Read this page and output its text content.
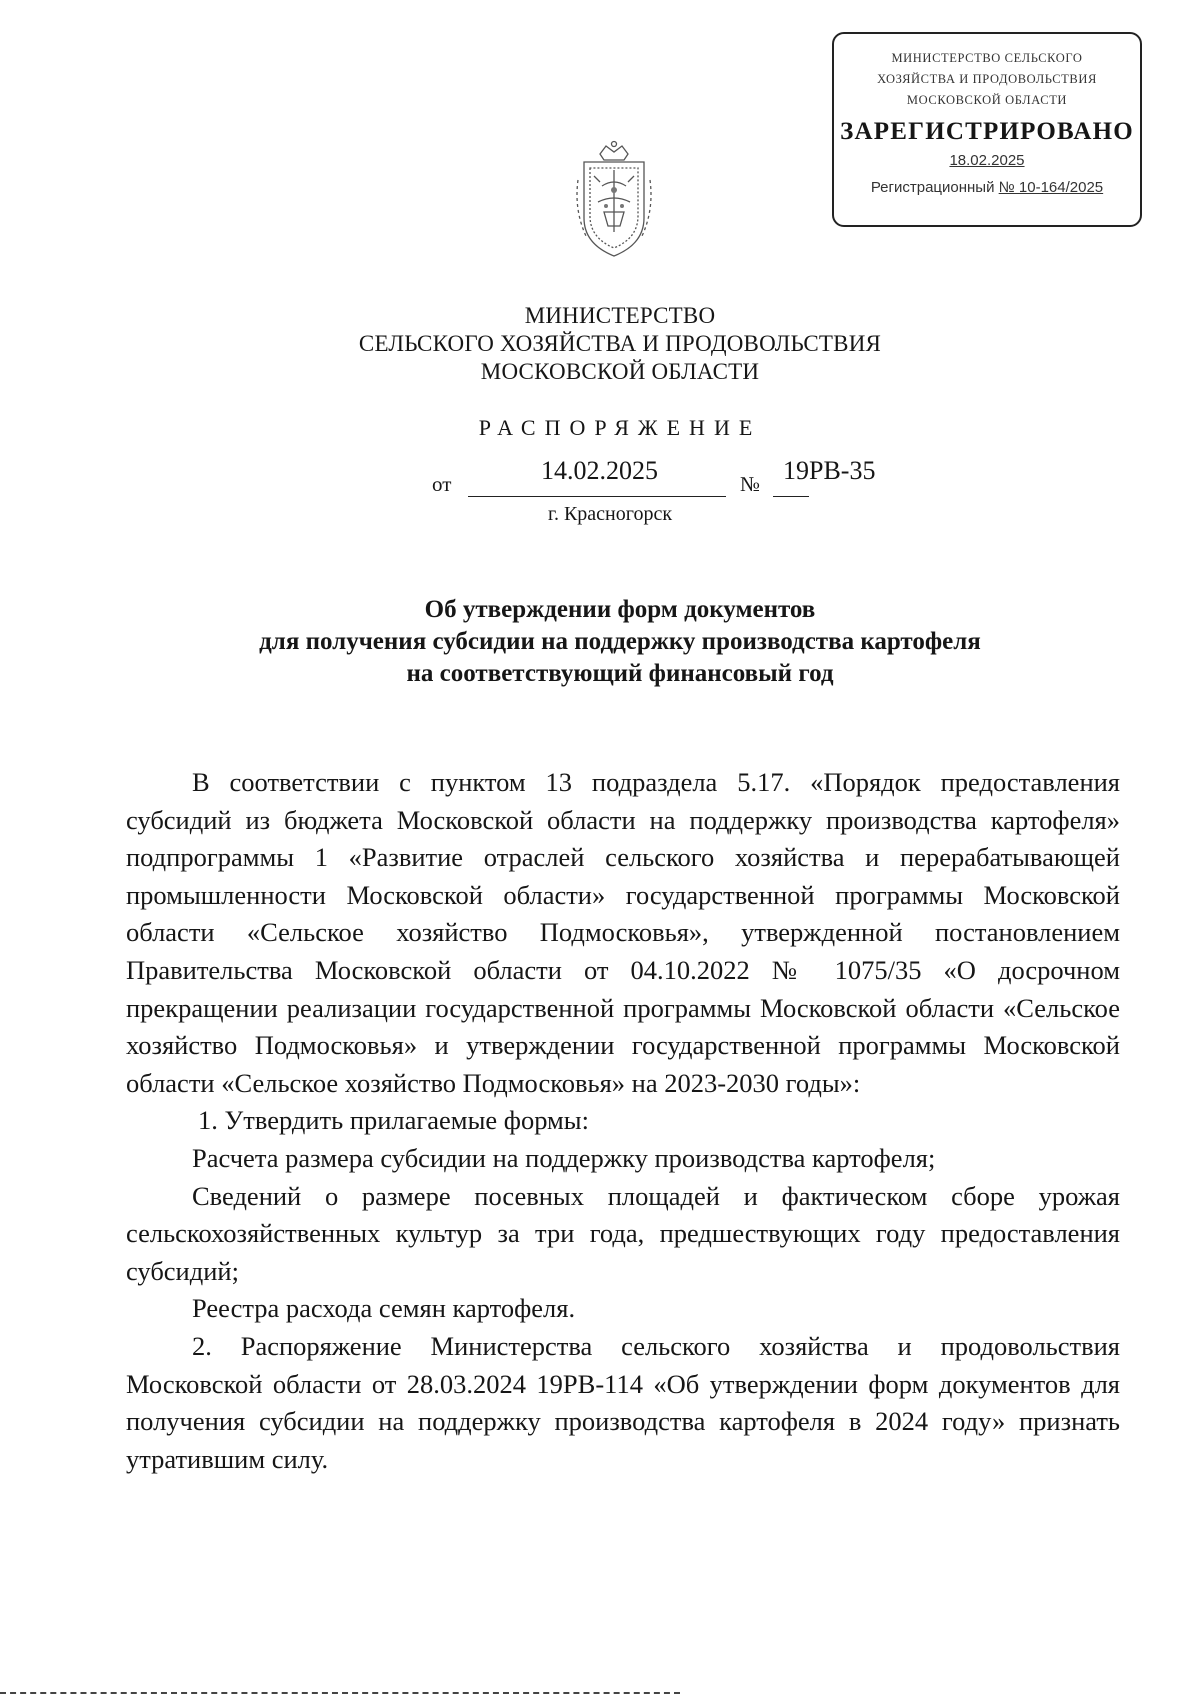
МИНИСТЕРСТВО СЕЛЬСКОГО
ХОЗЯЙСТВА И ПРОДОВОЛЬСТВИЯ
МОСКОВСКОЙ ОБЛАСТИ
ЗАРЕГИСТРИРОВАНО
18.02.2025
Регистрационный № 10-164/2025
МИНИСТЕРСТВО
СЕЛЬСКОГО ХОЗЯЙСТВА И ПРОДОВОЛЬСТВИЯ
МОСКОВСКОЙ ОБЛАСТИ
РАСПОРЯЖЕНИЕ
от	14.02.2025	№ 19РВ-35
г. Красногорск
Об утверждении форм документов
для получения субсидии на поддержку производства картофеля
на соответствующий финансовый год

В соответствии с пунктом 13 подраздела 5.17. «Порядок предоставления субсидий из бюджета Московской области на поддержку производства картофеля» подпрограммы 1 «Развитие отраслей сельского хозяйства и перерабатывающей промышленности Московской области» государственной программы Московской области «Сельское хозяйство Подмосковья», утвержденной постановлением Правительства Московской области от 04.10.2022 № 1075/35 «О досрочном прекращении реализации государственной программы Московской области «Сельское хозяйство Подмосковья» и утверждении государственной программы Московской области «Сельское хозяйство Подмосковья» на 2023-2030 годы»:

1. Утвердить прилагаемые формы:

Расчета размера субсидии на поддержку производства картофеля;

Сведений о размере посевных площадей и фактическом сборе урожая сельскохозяйственных культур за три года, предшествующих году предоставления субсидий;

Реестра расхода семян картофеля.

2. Распоряжение Министерства сельского хозяйства и продовольствия Московской области от 28.03.2024 19РВ-114 «Об утверждении форм документов для получения субсидии на поддержку производства картофеля в 2024 году» признать утратившим силу.
